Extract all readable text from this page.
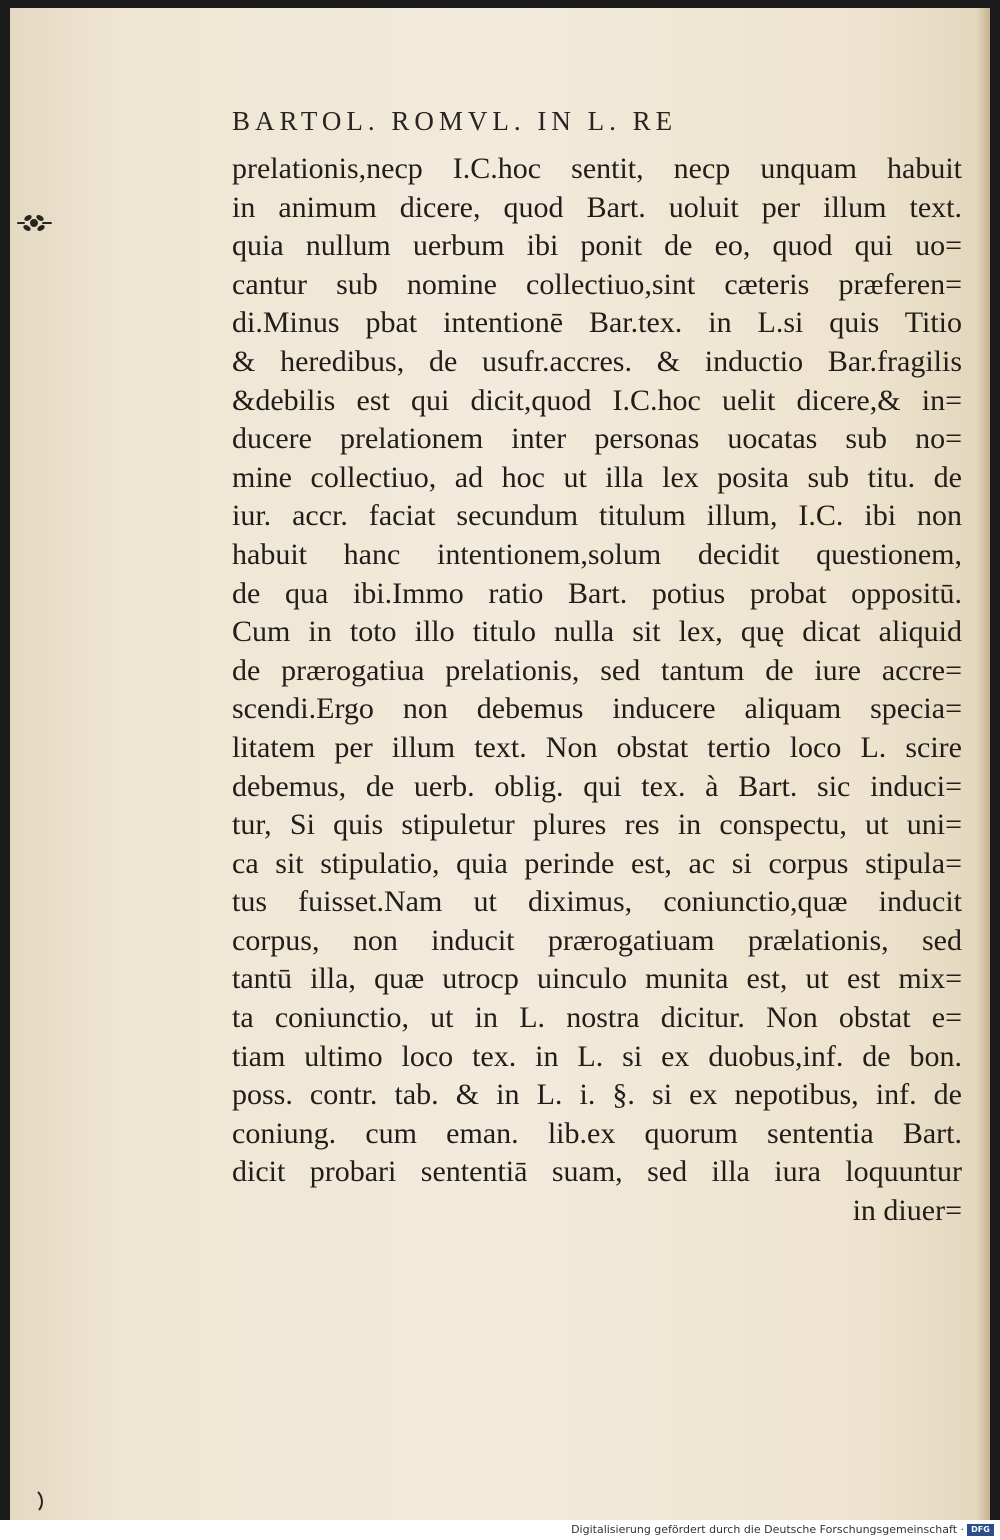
BARTOL. ROMVL. IN L. RE
prelationis,necp I.C.hoc sentit, necp unquam habuit
in animum dicere, quod Bart. uoluit per illum text.
quia nullum uerbum ibi ponit de eo, quod qui uo=
cantur sub nomine collectiuo,sint cæteris præferen=
di.Minus pbat intentionē Bar.tex. in L.si quis Titio
& heredibus, de usufr.accres. & inductio Bar.fragilis
&debilis est qui dicit,quod I.C.hoc uelit dicere,& in=
ducere prelationem inter personas uocatas sub no=
mine collectiuo, ad hoc ut illa lex posita sub titu. de
iur. accr. faciat secundum titulum illum, I.C. ibi non
habuit hanc intentionem,solum decidit questionem,
de qua ibi.Immo ratio Bart. potius probat oppositū.
Cum in toto illo titulo nulla sit lex, quę dicat aliquid
de prærogatiua prelationis, sed tantum de iure accre=
scendi.Ergo non debemus inducere aliquam specia=
litatem per illum text. Non obstat tertio loco L. scire
debemus, de uerb. oblig. qui tex. à Bart. sic induci=
tur, Si quis stipuletur plures res in conspectu, ut uni=
ca sit stipulatio, quia perinde est, ac si corpus stipula=
tus fuisset.Nam ut diximus, coniunctio,quæ inducit
corpus, non inducit prærogatiuam prælationis, sed
tantū illa, quæ utrocp uinculo munita est, ut est mix=
ta coniunctio, ut in L. nostra dicitur. Non obstat e=
tiam ultimo loco tex. in L. si ex duobus,inf. de bon.
poss. contr. tab. & in L. i. §. si ex nepotibus, inf. de
coniung. cum eman. lib.ex quorum sententia Bart.
dicit probari sententiā suam, sed illa iura loquuntur
in diuer=
Digitalisierung gefördert durch die Deutsche Forschungsgemeinschaft · DFG
